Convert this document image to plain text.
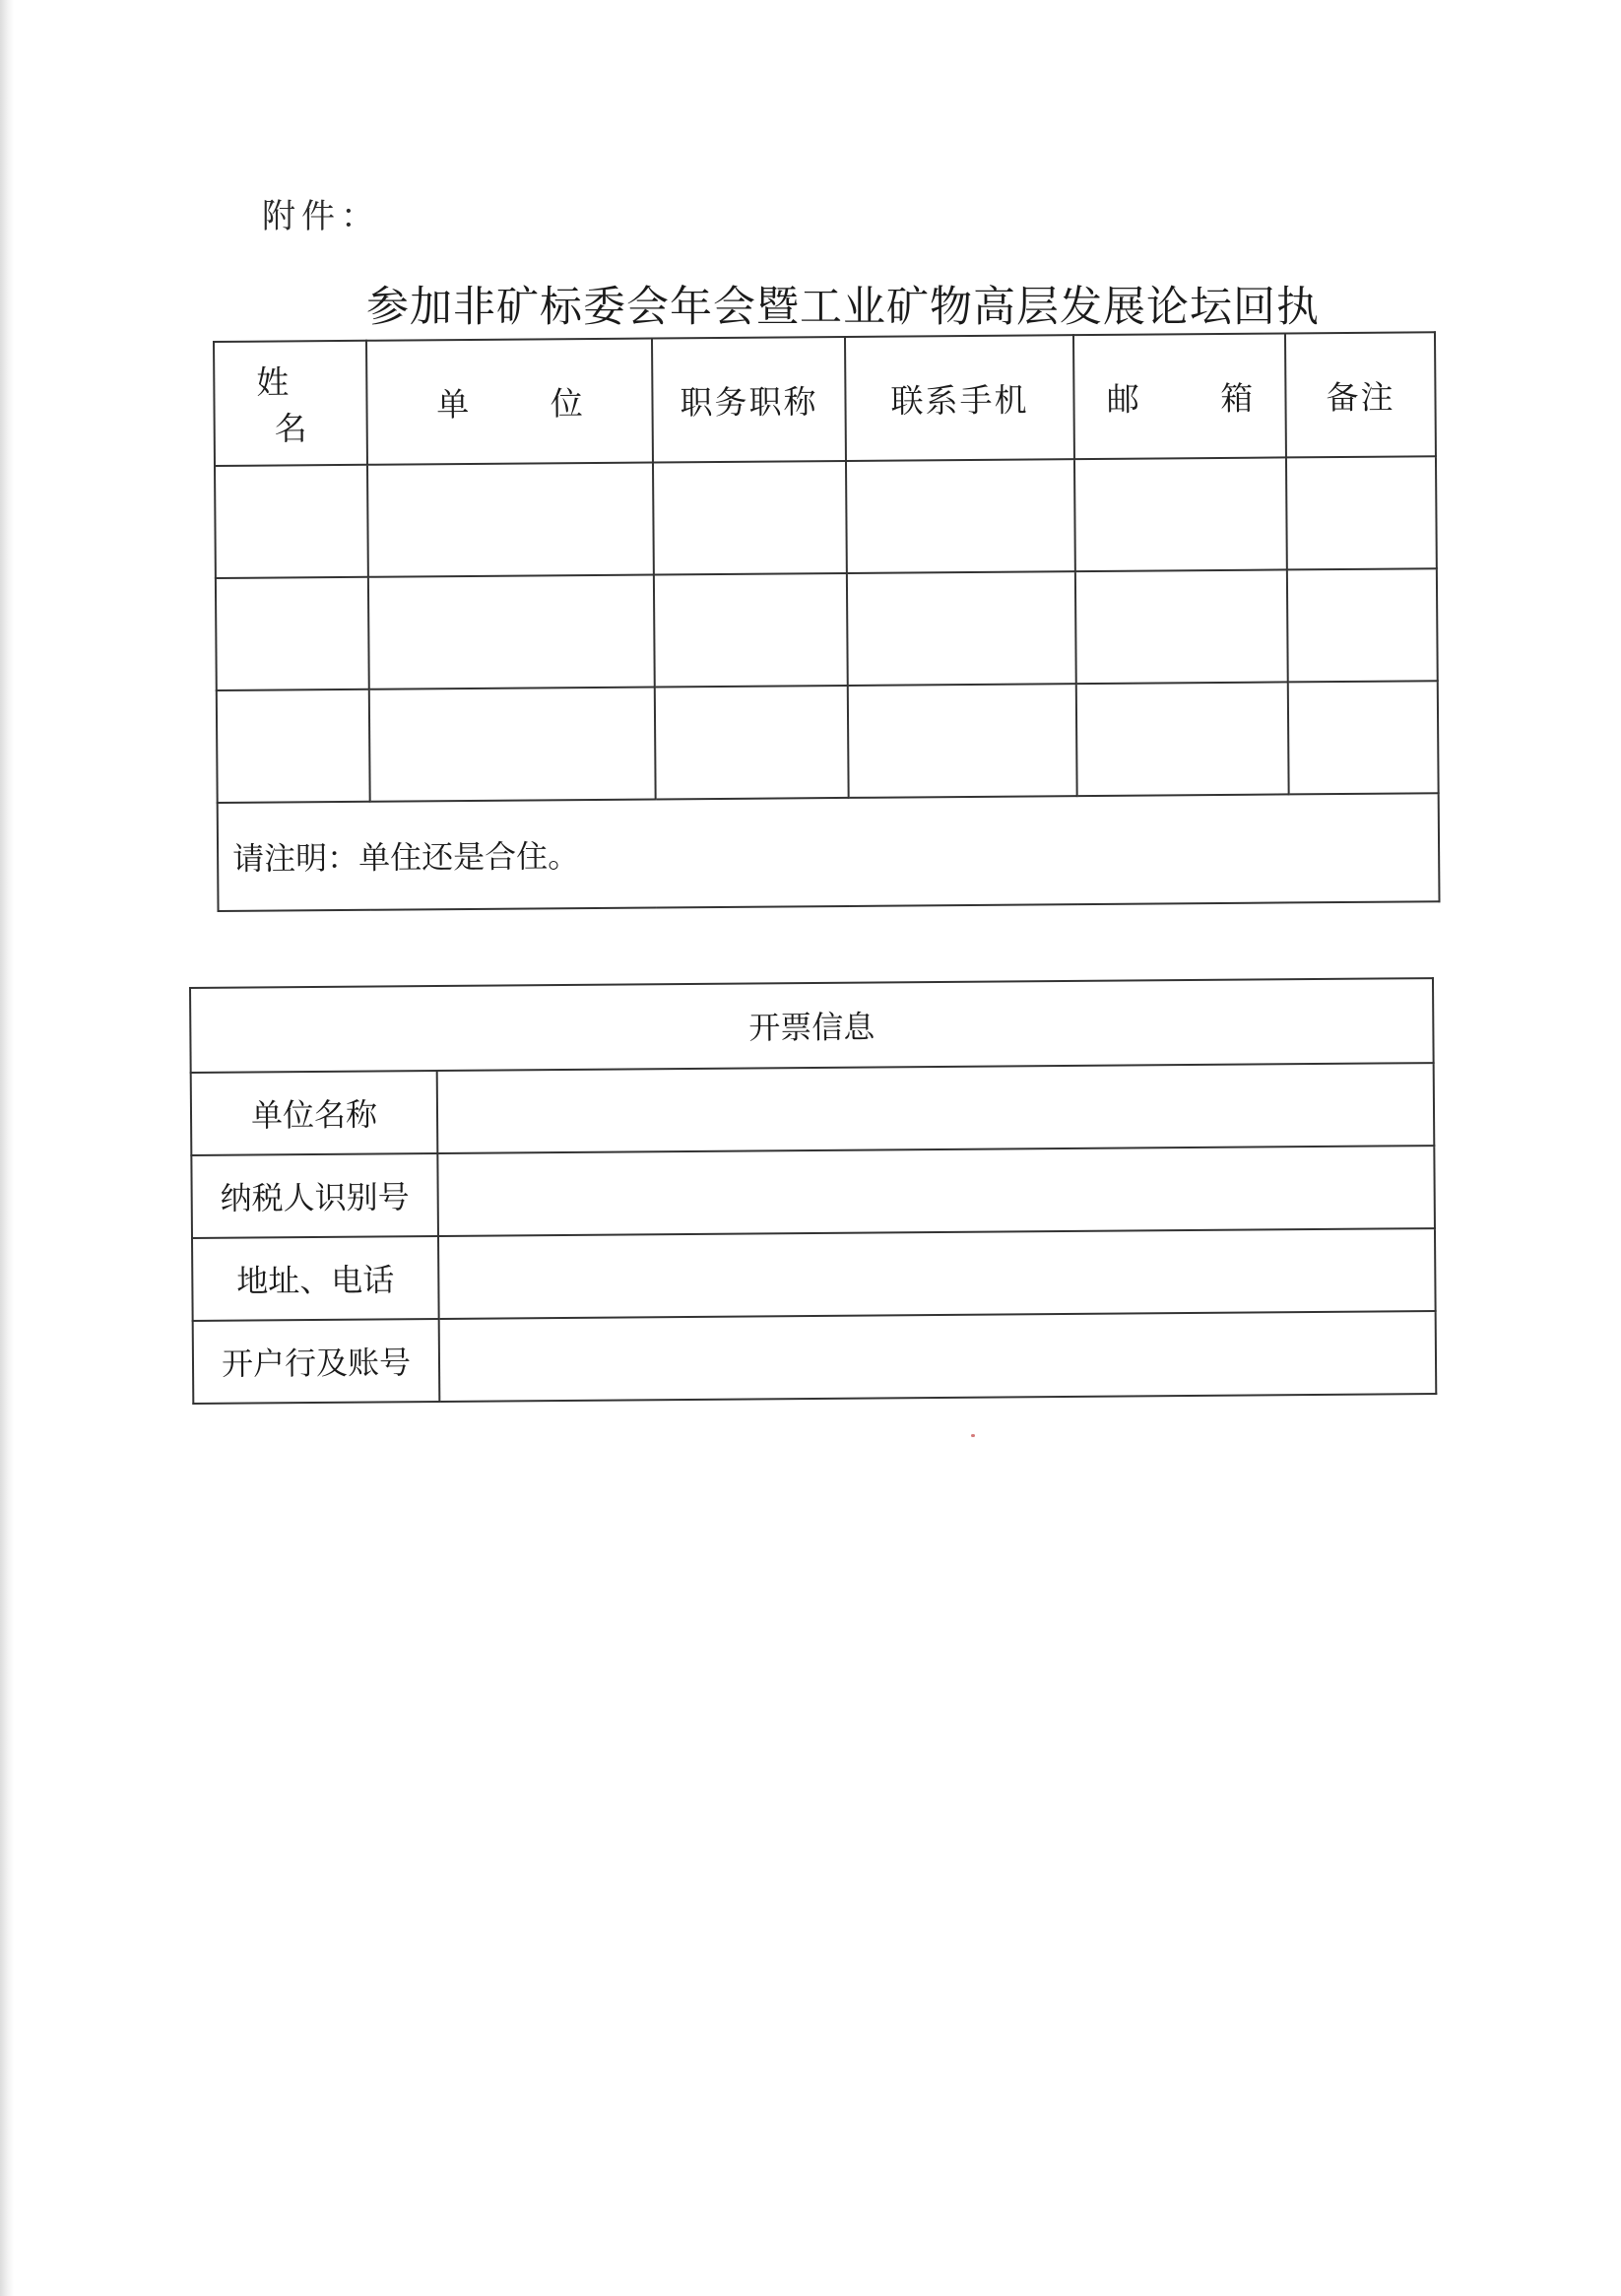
附件：
参加非矿标委会年会暨工业矿物高层发展论坛回执
姓 名	单 位	职务职称	联系手机	邮 箱	备注

请注明：单住还是合住。					
开票信息	
单位名称	
纳税人识别号	
地址、电话	
开户行及账号	
